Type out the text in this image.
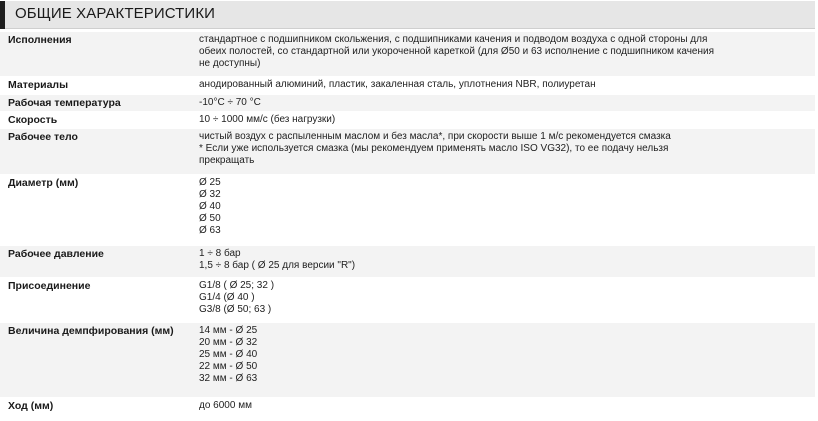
ОБЩИЕ ХАРАКТЕРИСТИКИ
Исполнения	стандартное с подшипником скольжения, с подшипниками качения и подводом воздуха с одной стороны для
обеих полостей, со стандартной или укороченной кареткой (для Ø50 и 63 исполнение с подшипником качения
не доступны)
Материалы	анодированный алюминий, пластик, закаленная сталь, уплотнения NBR, полиуретан
Рабочая температура	-10°C ÷ 70 °C
Скорость	10 ÷ 1000 мм/с (без нагрузки)
Рабочее тело	чистый воздух с распыленным маслом и без масла*, при скорости выше 1 м/с рекомендуется смазка
* Если уже используется смазка (мы рекомендуем применять масло ISO VG32), то ее подачу нельзя
прекращать
Диаметр (мм)	Ø 25
Ø 32
Ø 40
Ø 50
Ø 63
Рабочее давление	1 ÷ 8 бар
1,5 ÷ 8 бар ( Ø 25 для версии "R")
Присоединение	G1/8 ( Ø 25; 32 )
G1/4 (Ø 40 )
G3/8 (Ø 50; 63 )
Величина демпфирования (мм)	14 мм - Ø 25
20 мм - Ø 32
25 мм - Ø 40
22 мм - Ø 50
32 мм - Ø 63
Ход (мм)	до 6000 мм
